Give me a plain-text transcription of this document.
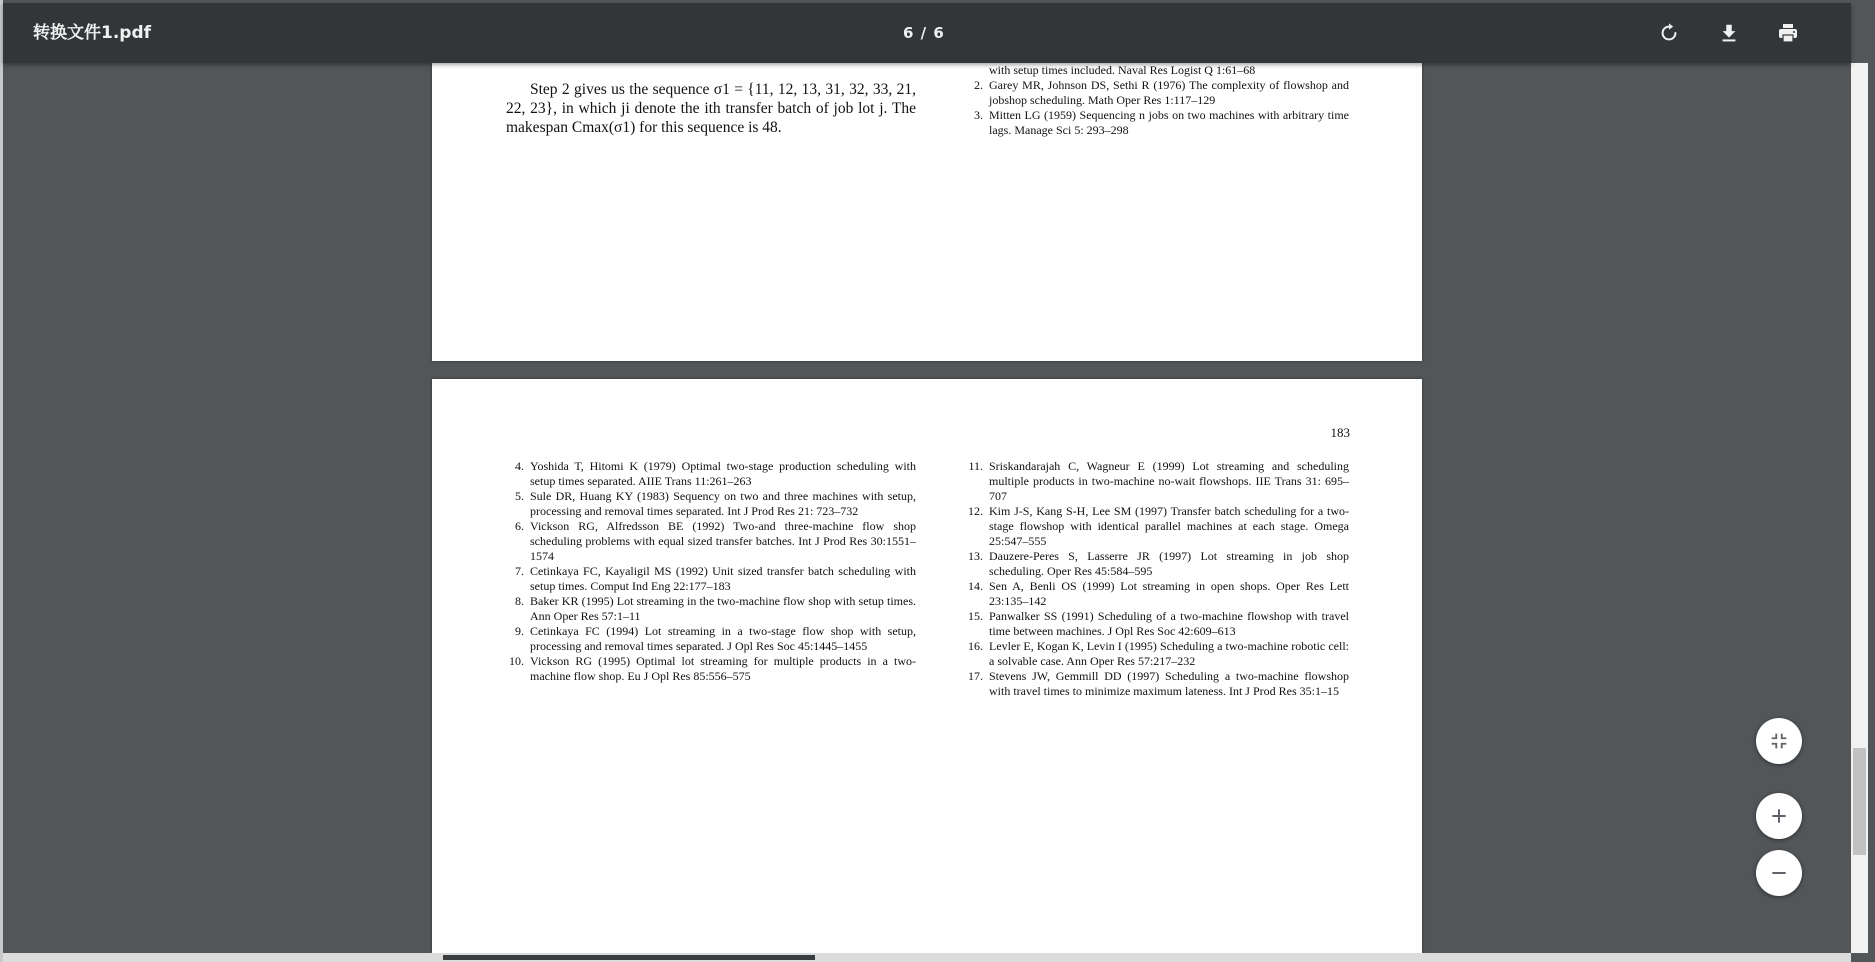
转换文件1.pdf	6 / 6

Step 2 gives us the sequence σ1 = {11, 12, 13, 31, 32, 33, 21, 22, 23}, in which ji denote the ith transfer batch of job lot j. The makespan Cmax(σ1) for this sequence is 48.

with setup times included. Naval Res Logist Q 1:61–68
2. Garey MR, Johnson DS, Sethi R (1976) The complexity of flowshop and jobshop scheduling. Math Oper Res 1:117–129
3. Mitten LG (1959) Sequencing n jobs on two machines with arbitrary time lags. Manage Sci 5: 293–298
183
4. Yoshida T, Hitomi K (1979) Optimal two-stage production scheduling with setup times separated. AIIE Trans 11:261–263
5. Sule DR, Huang KY (1983) Sequency on two and three machines with setup, processing and removal times separated. Int J Prod Res 21: 723–732
6. Vickson RG, Alfredsson BE (1992) Two-and three-machine flow shop scheduling problems with equal sized transfer batches. Int J Prod Res 30:1551–1574
7. Cetinkaya FC, Kayaligil MS (1992) Unit sized transfer batch scheduling with setup times. Comput Ind Eng 22:177–183
8. Baker KR (1995) Lot streaming in the two-machine flow shop with setup times. Ann Oper Res 57:1–11
9. Cetinkaya FC (1994) Lot streaming in a two-stage flow shop with setup, processing and removal times separated. J Opl Res Soc 45:1445–1455
10. Vickson RG (1995) Optimal lot streaming for multiple products in a two-machine flow shop. Eu J Opl Res 85:556–575
11. Sriskandarajah C, Wagneur E (1999) Lot streaming and scheduling multiple products in two-machine no-wait flowshops. IIE Trans 31: 695–707
12. Kim J-S, Kang S-H, Lee SM (1997) Transfer batch scheduling for a two-stage flowshop with identical parallel machines at each stage. Omega 25:547–555
13. Dauzere-Peres S, Lasserre JR (1997) Lot streaming in job shop scheduling. Oper Res 45:584–595
14. Sen A, Benli OS (1999) Lot streaming in open shops. Oper Res Lett 23:135–142
15. Panwalker SS (1991) Scheduling of a two-machine flowshop with travel time between machines. J Opl Res Soc 42:609–613
16. Levler E, Kogan K, Levin I (1995) Scheduling a two-machine robotic cell: a solvable case. Ann Oper Res 57:217–232
17. Stevens JW, Gemmill DD (1997) Scheduling a two-machine flowshop with travel times to minimize maximum lateness. Int J Prod Res 35:1–15
